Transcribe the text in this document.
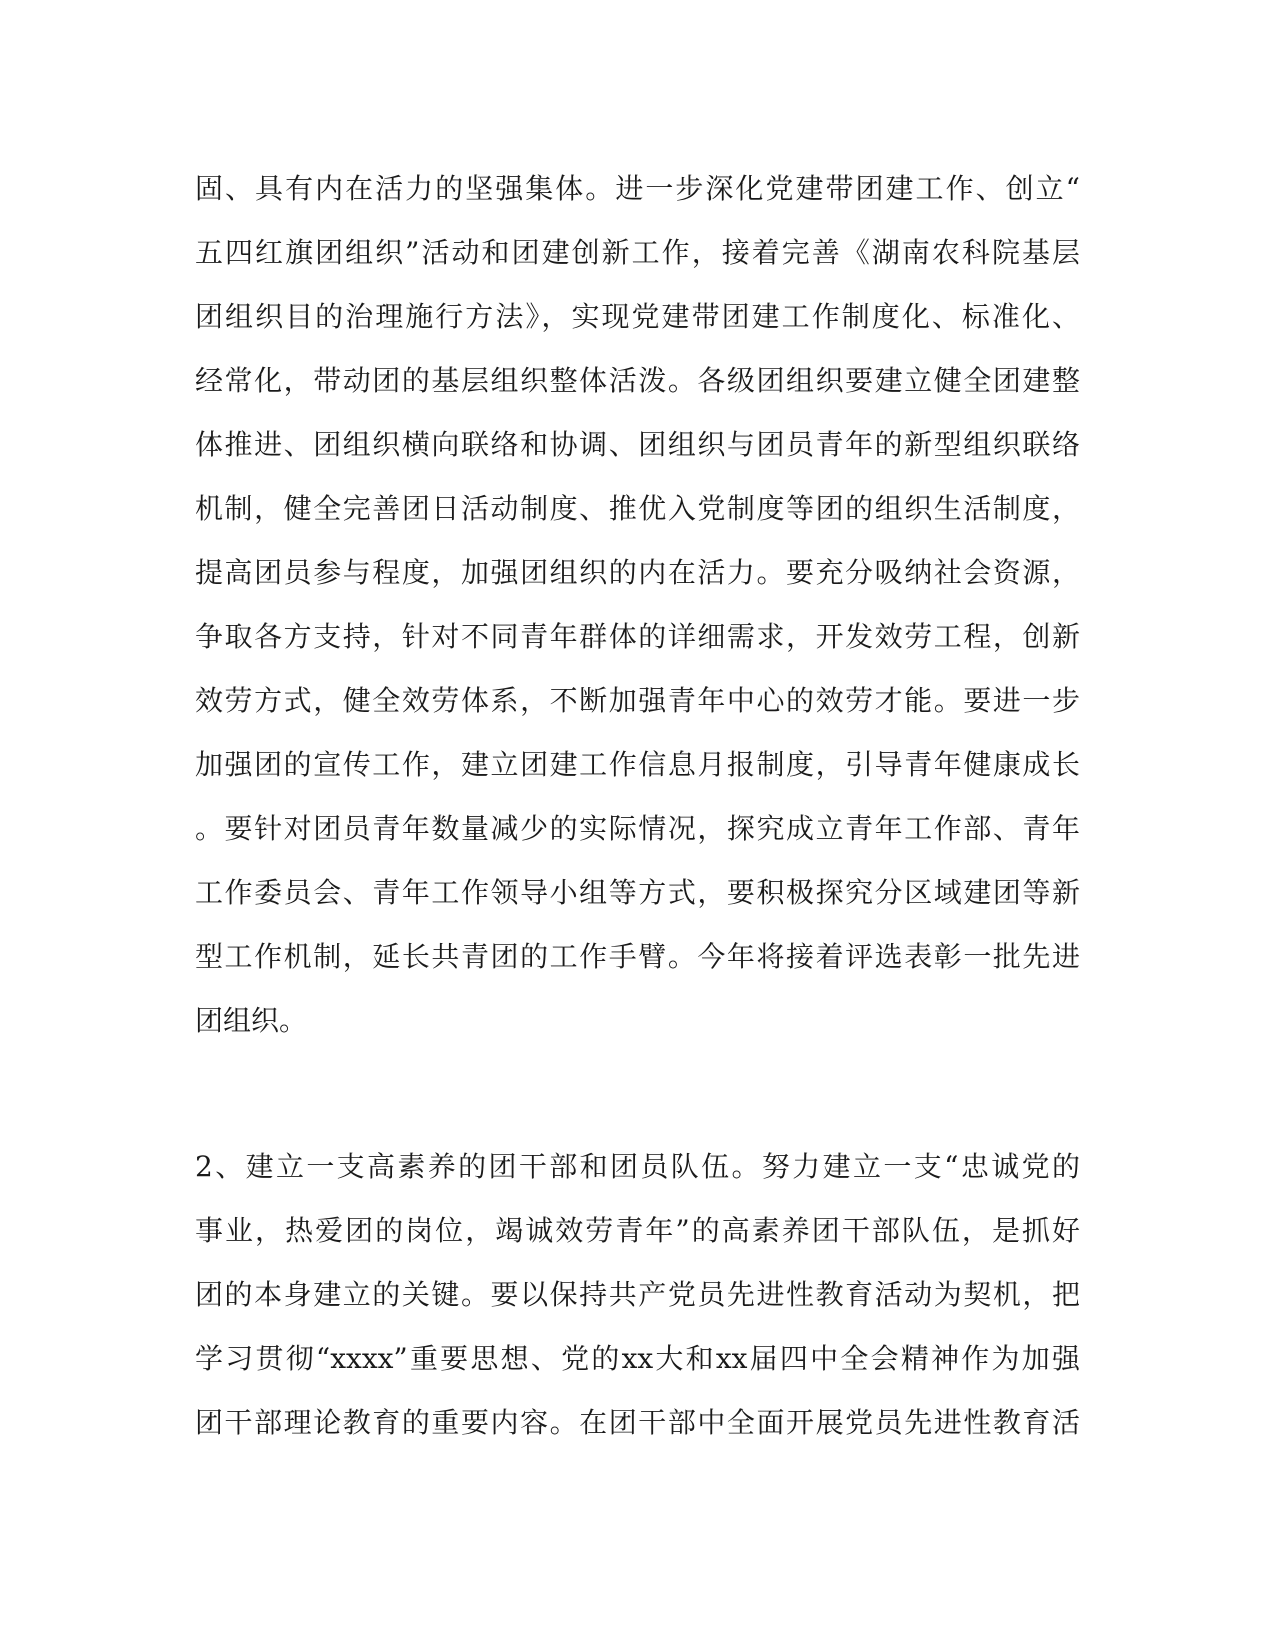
固、具有内在活力的坚强集体。进一步深化党建带团建工作、创立“
五四红旗团组织”活动和团建创新工作，接着完善《湖南农科院基层
团组织目的治理施行方法》，实现党建带团建工作制度化、标准化、
经常化，带动团的基层组织整体活泼。各级团组织要建立健全团建整
体推进、团组织横向联络和协调、团组织与团员青年的新型组织联络
机制，健全完善团日活动制度、推优入党制度等团的组织生活制度，
提高团员参与程度，加强团组织的内在活力。要充分吸纳社会资源，
争取各方支持，针对不同青年群体的详细需求，开发效劳工程，创新
效劳方式，健全效劳体系，不断加强青年中心的效劳才能。要进一步
加强团的宣传工作，建立团建工作信息月报制度，引导青年健康成长
。要针对团员青年数量减少的实际情况，探究成立青年工作部、青年
工作委员会、青年工作领导小组等方式，要积极探究分区域建团等新
型工作机制，延长共青团的工作手臂。今年将接着评选表彰一批先进
团组织。
2、建立一支高素养的团干部和团员队伍。努力建立一支“忠诚党的
事业，热爱团的岗位，竭诚效劳青年”的高素养团干部队伍，是抓好
团的本身建立的关键。要以保持共产党员先进性教育活动为契机，把
学习贯彻“xxxx”重要思想、党的xx大和xx届四中全会精神作为加强
团干部理论教育的重要内容。在团干部中全面开展党员先进性教育活
